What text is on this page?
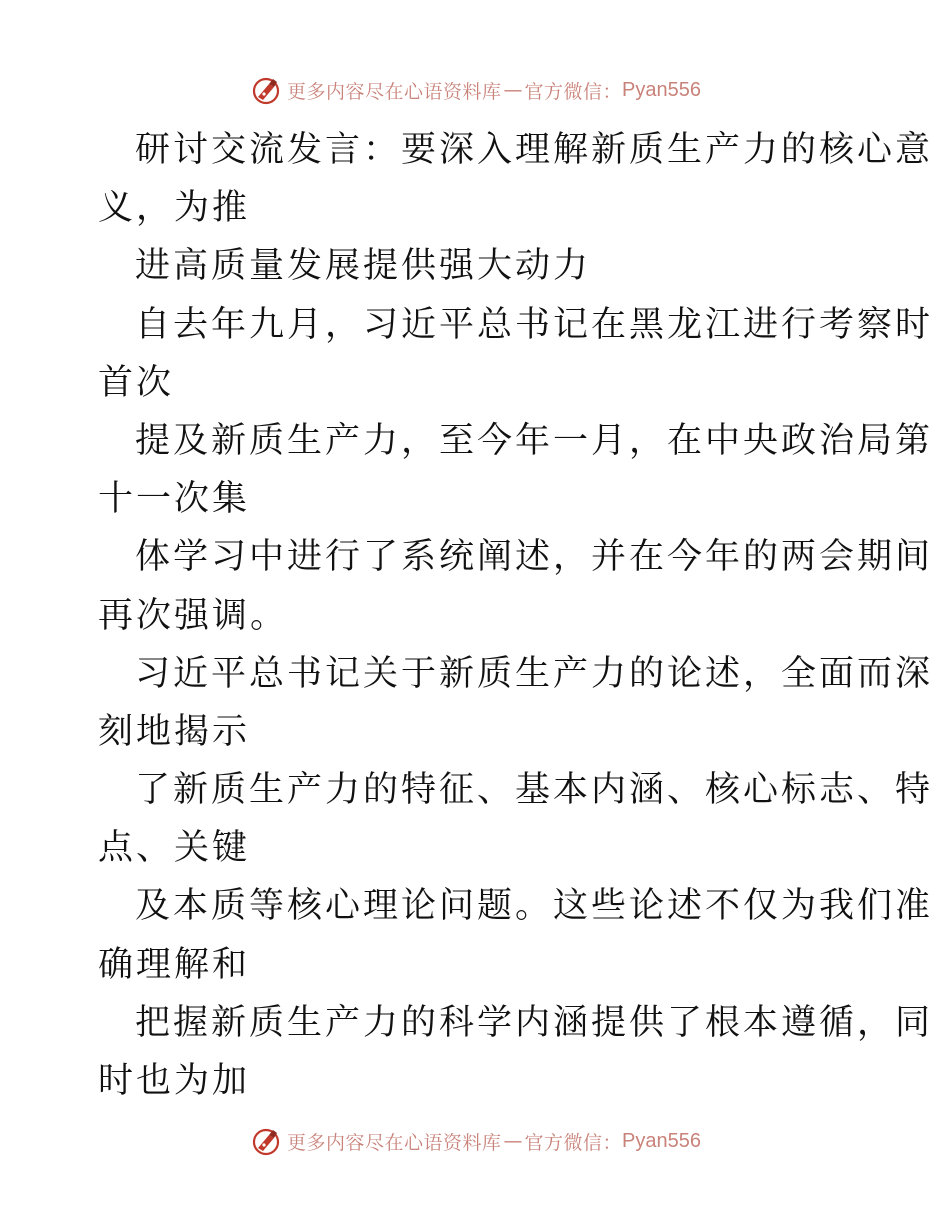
更多内容尽在心语资料库 — 官方微信： Pyan556
研讨交流发言：要深入理解新质生产力的核心意
义，为推
进高质量发展提供强大动力
自去年九月，习近平总书记在黑龙江进行考察时
首次
提及新质生产力，至今年一月，在中央政治局第
十一次集
体学习中进行了系统阐述，并在今年的两会期间
再次强调。
习近平总书记关于新质生产力的论述，全面而深
刻地揭示
了新质生产力的特征、基本内涵、核心标志、特
点、关键
及本质等核心理论问题。这些论述不仅为我们准
确理解和
把握新质生产力的科学内涵提供了根本遵循，同
时也为加
更多内容尽在心语资料库 — 官方微信： Pyan556
